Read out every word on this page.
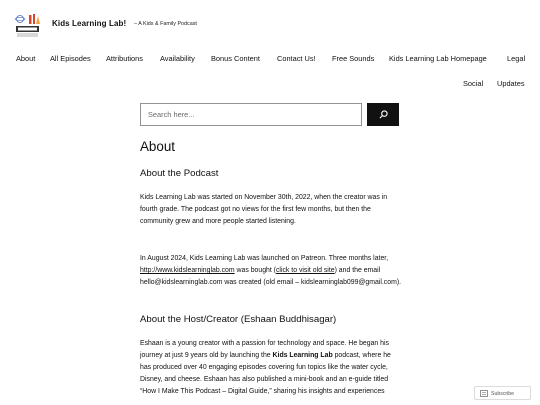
Kids Learning Lab! – A Kids & Family Podcast
About All Episodes Attributions Availability Bonus Content Contact Us! Free Sounds Kids Learning Lab Homepage	Legal
Social Updates
Search here...
About
About the Podcast

Kids Learning Lab was started on November 30th, 2022, when the creator was in fourth grade. The podcast got no views for the first few months, but then the community grew and more people started listening.

In August 2024, Kids Learning Lab was launched on Patreon. Three months later, http://www.kidslearninglab.com was bought (click to visit old site) and the email hello@kidslearninglab.com was created (old email – kidslearninglab099@gmail.com).

About the Host/Creator (Eshaan Buddhisagar)

Eshaan is a young creator with a passion for technology and space. He began his journey at just 9 years old by launching the Kids Learning Lab podcast, where he has produced over 40 engaging episodes covering fun topics like the water cycle, Disney, and cheese. Eshaan has also published a mini-book and an e-guide titled “How I Make This Podcast – Digital Guide,” sharing his insights and experiences	Subscribe
